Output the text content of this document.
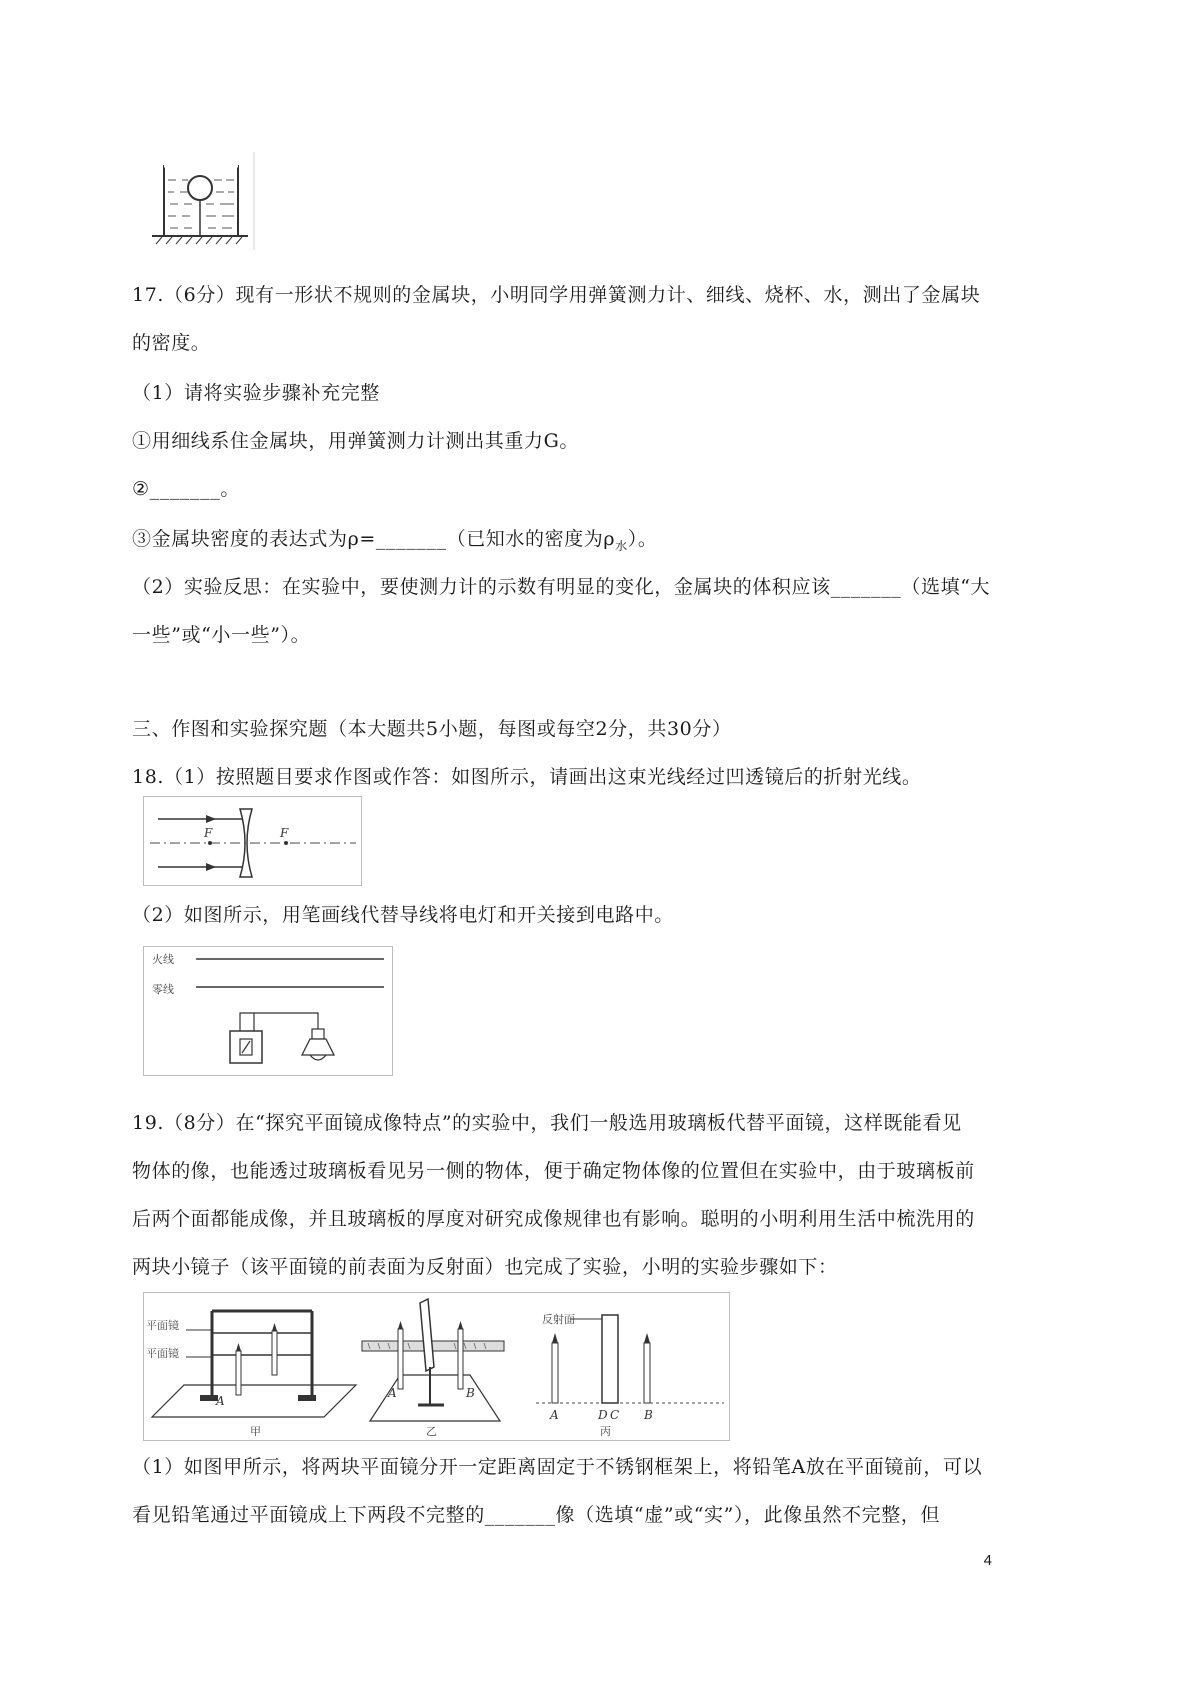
17.（6分）现有一形状不规则的金属块，小明同学用弹簧测力计、细线、烧杯、水，测出了金属块
的密度。
（1）请将实验步骤补充完整
①用细线系住金属块，用弹簧测力计测出其重力G。
②_______。
③金属块密度的表达式为ρ=_______（已知水的密度为$\rho_水$）。
（2）实验反思：在实验中，要使测力计的示数有明显的变化，金属块的体积应该_______（选填“大
一些”或“小一些”）。
三、作图和实验探究题（本大题共5小题，每图或每空2分，共30分）
18.（1）按照题目要求作图或作答：如图所示，请画出这束光线经过凹透镜后的折射光线。
F	F
（2）如图所示，用笔画线代替导线将电灯和开关接到电路中。
火线
零线
19.（8分）在“探究平面镜成像特点”的实验中，我们一般选用玻璃板代替平面镜，这样既能看见
物体的像，也能透过玻璃板看见另一侧的物体，便于确定物体像的位置但在实验中，由于玻璃板前
后两个面都能成像，并且玻璃板的厚度对研究成像规律也有影响。聪明的小明利用生活中梳洗用的
两块小镜子（该平面镜的前表面为反射面）也完成了实验，小明的实验步骤如下：
平面镜
平面镜
A
甲
A	B
乙
反射面
A	D C B
丙
（1）如图甲所示，将两块平面镜分开一定距离固定于不锈钢框架上，将铅笔A放在平面镜前，可以
看见铅笔通过平面镜成上下两段不完整的_______像（选填“虚”或“实”），此像虽然不完整，但
4
